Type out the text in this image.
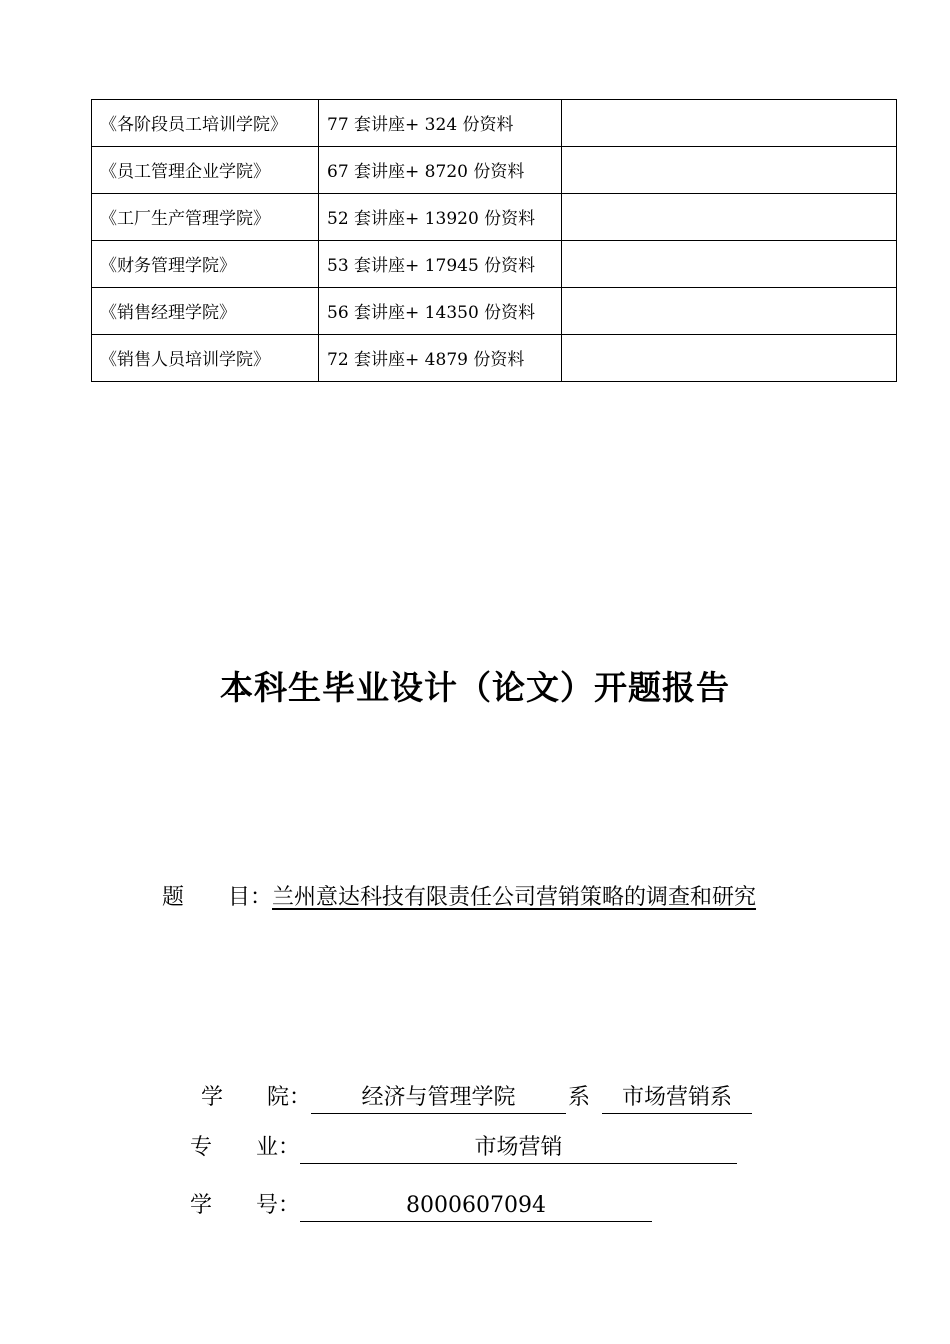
《各阶段员工培训学院》	77 套讲座+ 324 份资料	
《员工管理企业学院》	67 套讲座+ 8720 份资料	
《工厂生产管理学院》	52 套讲座+ 13920 份资料	
《财务管理学院》	53 套讲座+ 17945 份资料	
《销售经理学院》	56 套讲座+ 14350 份资料	
《销售人员培训学院》	72 套讲座+ 4879 份资料	
本科生毕业设计（论文）开题报告
题　　目：兰州意达科技有限责任公司营销策略的调查和研究
学　　院： 经济与管理学院 系 市场营销系
专　　业：	市场营销
学　　号：	8000607094
